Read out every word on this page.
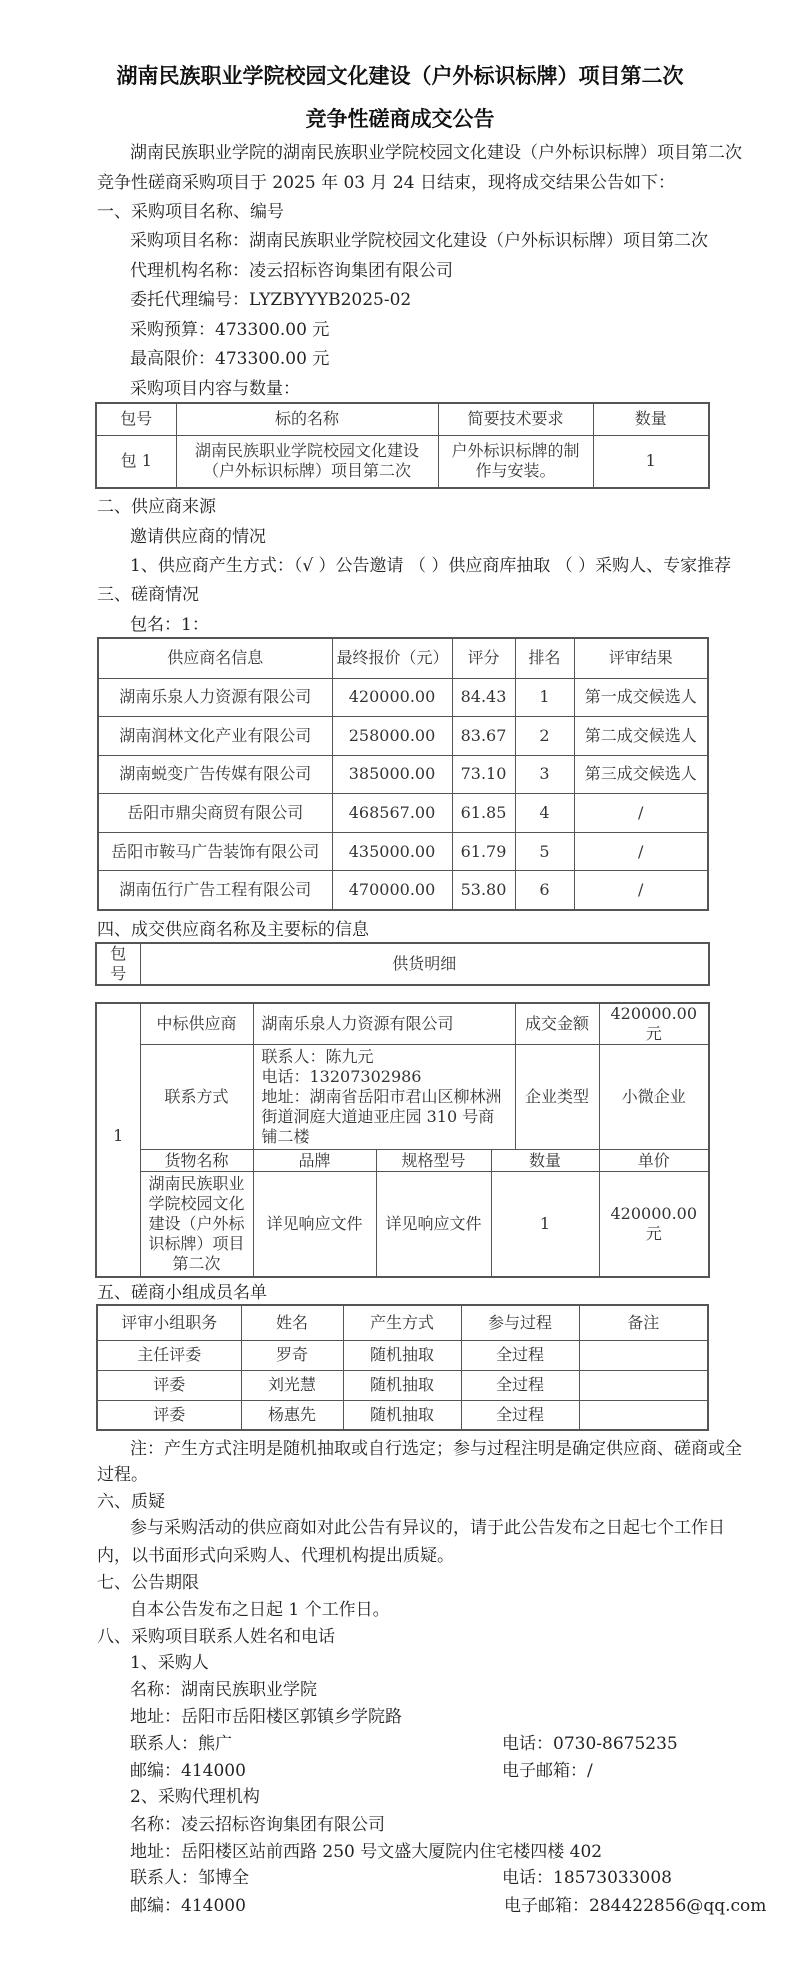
湖南民族职业学院校园文化建设（户外标识标牌）项目第二次
竞争性磋商成交公告
湖南民族职业学院的湖南民族职业学院校园文化建设（户外标识标牌）项目第二次
竞争性磋商采购项目于 2025 年 03 月 24 日结束，现将成交结果公告如下：
一、采购项目名称、编号
采购项目名称：湖南民族职业学院校园文化建设（户外标识标牌）项目第二次
代理机构名称：凌云招标咨询集团有限公司
委托代理编号：LYZBYYYB2025-02
采购预算：473300.00 元
最高限价：473300.00 元
采购项目内容与数量：
包号	标的名称	简要技术要求	数量
包 1	湖南民族职业学院校园文化建设（户外标识标牌）项目第二次	户外标识标牌的制作与安装。	1
二、供应商来源
邀请供应商的情况
1、供应商产生方式：（√ ）公告邀请 （ ）供应商库抽取 （ ）采购人、专家推荐
三、磋商情况
包名：1：
供应商名信息	最终报价（元）	评分	排名	评审结果
湖南乐泉人力资源有限公司	420000.00	84.43	1	第一成交候选人
湖南润林文化产业有限公司	258000.00	83.67	2	第二成交候选人
湖南蜕变广告传媒有限公司	385000.00	73.10	3	第三成交候选人
岳阳市鼎尖商贸有限公司	468567.00	61.85	4	/
岳阳市鞍马广告装饰有限公司	435000.00	61.79	5	/
湖南伍行广告工程有限公司	470000.00	53.80	6	/
四、成交供应商名称及主要标的信息
包号	供货明细
1	中标供应商	湖南乐泉人力资源有限公司			成交金额	420000.00 元
	联系方式	联系人：陈九元
电话：13207302986
地址：湖南省岳阳市君山区柳林洲街道洞庭大道迪亚庄园 310 号商铺二楼			企业类型	小微企业
	货物名称	品牌	规格型号	数量		单价
	湖南民族职业学院校园文化建设（户外标识标牌）项目第二次	详见响应文件	详见响应文件	1		420000.00 元
五、磋商小组成员名单
评审小组职务	姓名	产生方式	参与过程	备注
主任评委	罗奇	随机抽取	全过程	
评委	刘光慧	随机抽取	全过程	
评委	杨惠先	随机抽取	全过程	
注：产生方式注明是随机抽取或自行选定；参与过程注明是确定供应商、磋商或全
过程。
六、质疑
参与采购活动的供应商如对此公告有异议的，请于此公告发布之日起七个工作日
内，以书面形式向采购人、代理机构提出质疑。
七、公告期限
自本公告发布之日起 1 个工作日。
八、采购项目联系人姓名和电话
1、采购人
名称：湖南民族职业学院
地址：岳阳市岳阳楼区郭镇乡学院路
联系人：熊广	电话：0730-8675235
邮编：414000	电子邮箱：/
2、采购代理机构
名称：凌云招标咨询集团有限公司
地址：岳阳楼区站前西路 250 号文盛大厦院内住宅楼四楼 402
联系人：邹博全	电话：18573033008
邮编：414000	电子邮箱：284422856@qq.com
